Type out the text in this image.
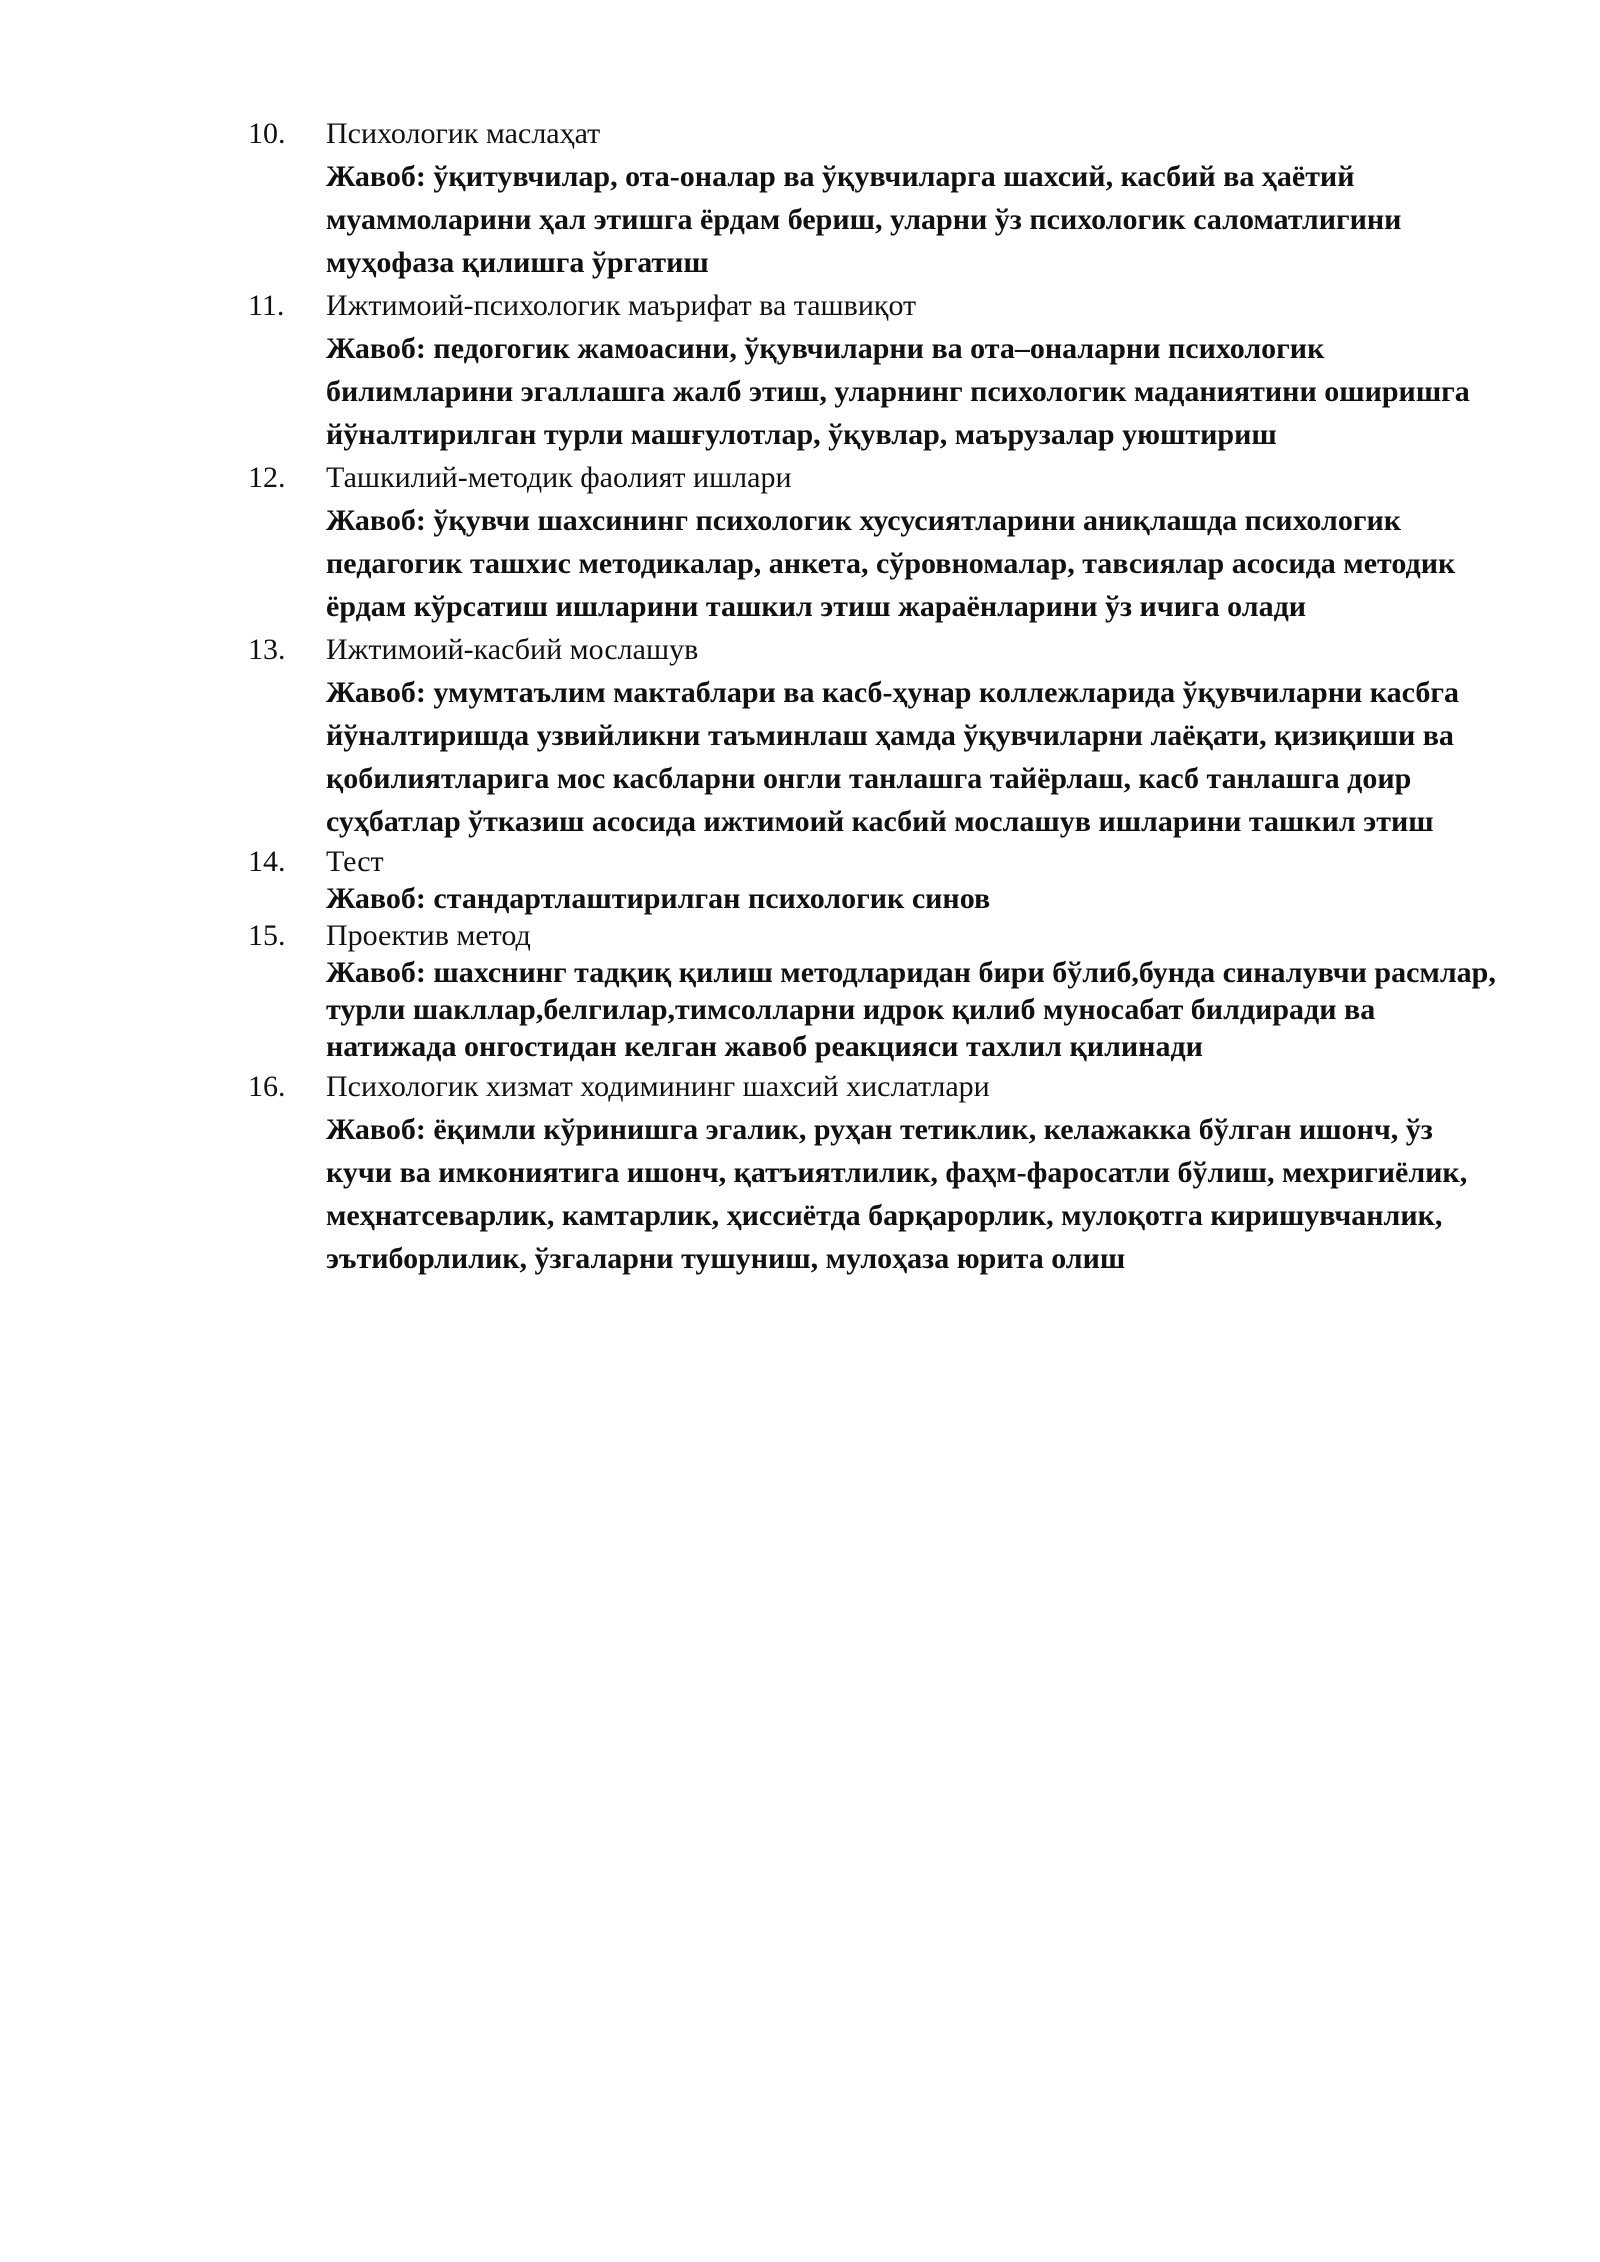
10. Психологик маслаҳат

Жавоб: ўқитувчилар, ота-оналар ва ўқувчиларга шахсий, касбий ва ҳаётий муаммоларини ҳал этишга ёрдам бериш, уларни ўз психологик саломатлигини муҳофаза қилишга ўргатиш

11. Ижтимоий-психологик маърифат ва ташвиқот

Жавоб: педогогик жамоасини, ўқувчиларни ва ота–оналарни психологик билимларини эгаллашга жалб этиш, уларнинг психологик маданиятини оширишга йўналтирилган турли машғулотлар, ўқувлар, маърузалар уюштириш

12. Ташкилий-методик фаолият ишлари

Жавоб: ўқувчи шахсининг психологик хусусиятларини аниқлашда психологик педагогик ташхис методикалар, анкета, сўровномалар, тавсиялар асосида методик ёрдам кўрсатиш ишларини ташкил этиш жараёнларини ўз ичига олади

13. Ижтимоий-касбий мослашув

Жавоб: умумтаълим мактаблари ва касб-ҳунар коллежларида ўқувчиларни касбга йўналтиришда узвийликни таъминлаш ҳамда ўқувчиларни лаёқати, қизиқиши ва қобилиятларига мос касбларни онгли танлашга тайёрлаш, касб танлашга доир суҳбатлар ўтказиш асосида ижтимоий касбий мослашув ишларини ташкил этиш

14. Тест

Жавоб: стандартлаштирилган психологик синов

15. Проектив метод

Жавоб: шахснинг тадқиқ қилиш методларидан бири бўлиб,бунда синалувчи расмлар, турли шакллар,белгилар,тимсолларни идрок қилиб муносабат билдиради ва натижада онгостидан келган жавоб реакцияси тахлил қилинади

16. Психологик хизмат ходимининг шахсий хислатлари

Жавоб: ёқимли кўринишга эгалик, руҳан тетиклик, келажакка бўлган ишонч, ўз кучи ва имкониятига ишонч, қатъиятлилик, фаҳм-фаросатли бўлиш, мехригиёлик, меҳнатсеварлик, камтарлик, ҳиссиётда барқарорлик, мулоқотга киришувчанлик, эътиборлилик, ўзгаларни тушуниш, мулоҳаза юрита олиш
